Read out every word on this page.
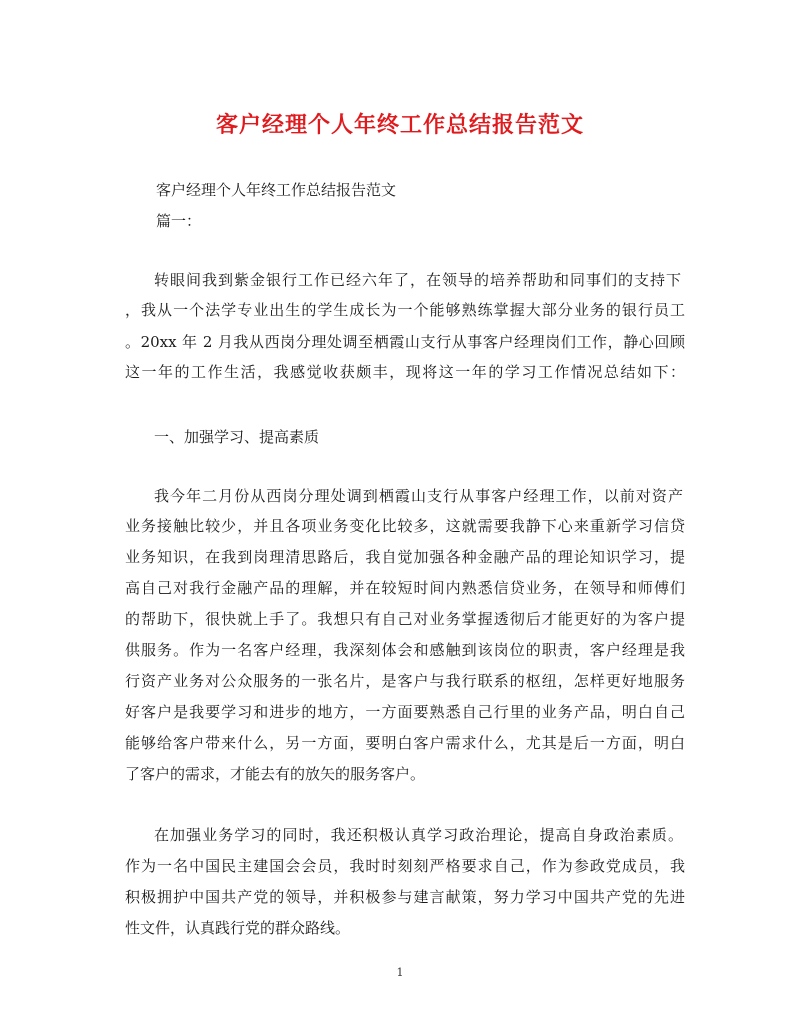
客户经理个人年终工作总结报告范文
客户经理个人年终工作总结报告范文
篇一：
转眼间我到紫金银行工作已经六年了，在领导的培养帮助和同事们的支持下
，我从一个法学专业出生的学生成长为一个能够熟练掌握大部分业务的银行员工
。20xx 年 2 月我从西岗分理处调至栖霞山支行从事客户经理岗们工作，静心回顾
这一年的工作生活，我感觉收获颇丰，现将这一年的学习工作情况总结如下：
一、加强学习、提高素质
我今年二月份从西岗分理处调到栖霞山支行从事客户经理工作，以前对资产
业务接触比较少，并且各项业务变化比较多，这就需要我静下心来重新学习信贷
业务知识，在我到岗理清思路后，我自觉加强各种金融产品的理论知识学习，提
高自己对我行金融产品的理解，并在较短时间内熟悉信贷业务，在领导和师傅们
的帮助下，很快就上手了。我想只有自己对业务掌握透彻后才能更好的为客户提
供服务。作为一名客户经理，我深刻体会和感触到该岗位的职责，客户经理是我
行资产业务对公众服务的一张名片，是客户与我行联系的枢纽，怎样更好地服务
好客户是我要学习和进步的地方，一方面要熟悉自己行里的业务产品，明白自己
能够给客户带来什么，另一方面，要明白客户需求什么，尤其是后一方面，明白
了客户的需求，才能去有的放矢的服务客户。
在加强业务学习的同时，我还积极认真学习政治理论，提高自身政治素质。
作为一名中国民主建国会会员，我时时刻刻严格要求自己，作为参政党成员，我
积极拥护中国共产党的领导，并积极参与建言献策，努力学习中国共产党的先进
性文件，认真践行党的群众路线。
1
